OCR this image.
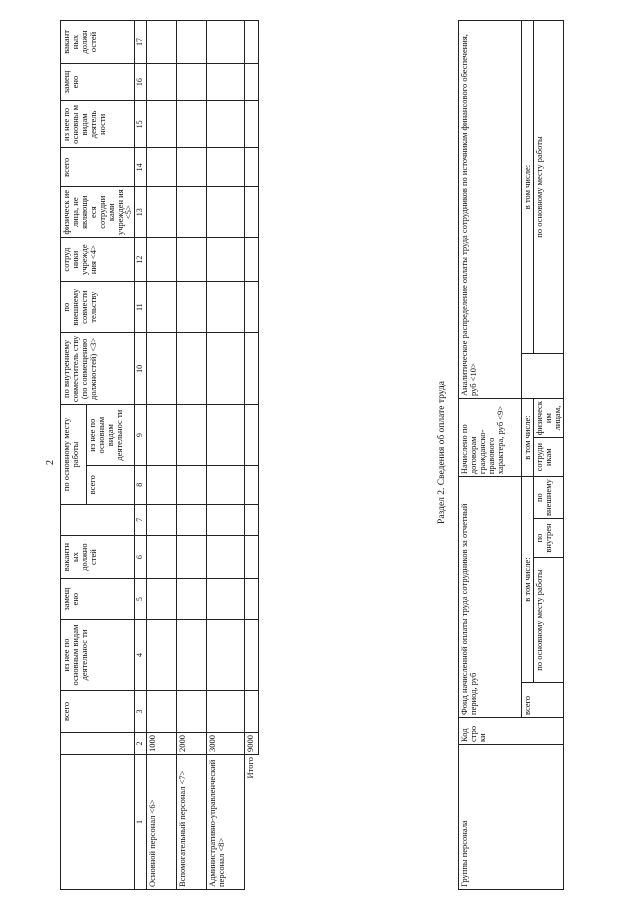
2
		всего	из нее по основным видам деятельнос ти	замещ ено	вакантн ых должно стей		по основному месту работы		по внутреннему совместитель ству (по совмещению должностей) <3>	по внешнему совмести тельству	сотруд ники учрежде ния <4>	физическ ие лица, не являющи еся сотрудни ками учрежден ия <5>	всего	из нее по основны м видам деятель ности	замещ ено	вакант ных должн остей
							всего	из нее по основным видам деятельнос ти								
1	2	3	4	5	6	7	8	9	10	11	12	13	14	15	16	17
Основной персонал <6>	1000															
Вспомогательный персонал <7>	2000															
Административно-управленческий персонал <8>	3000															
Итого	9000															
Раздел 2. Сведения об оплате труда
Группы персонала	Код стро ки	Фонд начисленной оплаты труда сотрудников за отчетный период, руб				Начислено по договорам гражданско-правового характера, руб <9>		Аналитическое распределение оплаты труда сотрудников по источникам финансового обеспечения, руб <10>	
		всего	в том числе:			в том числе:			в том числе:
			по основному месту работы	по внутрен	по внешнему	сотруди икам	физическ им лицам,		по основному месту работы
